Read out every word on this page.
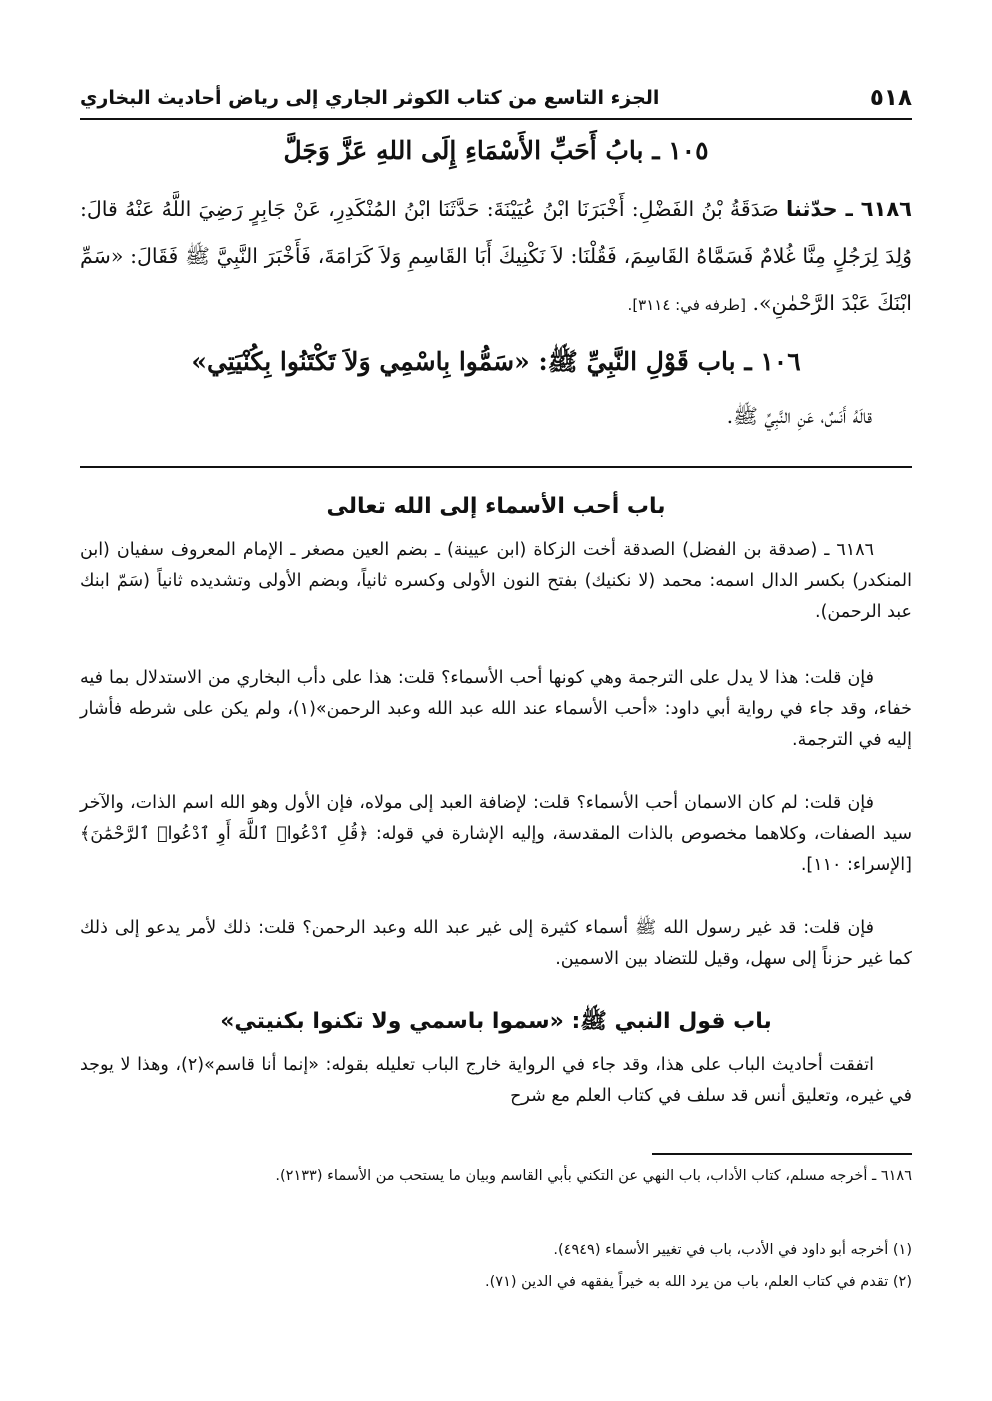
٥١٨
الجزء التاسع من كتاب الكوثر الجاري إلى رياض أحاديث البخاري
١٠٥ ـ بابُ أَحَبِّ الأَسْمَاءِ إِلَى اللهِ عَزَّ وَجَلَّ
٦١٨٦ ـ حدّثنا صَدَقَةُ بْنُ الفَضْلِ: أَخْبَرَنَا ابْنُ عُيَيْنَةَ: حَدَّثَنَا ابْنُ المُنْكَدِرِ، عَنْ جَابِرٍ رَضِيَ اللَّهُ عَنْهُ قالَ: وُلِدَ لِرَجُلٍ مِنَّا غُلامٌ فَسَمَّاهُ القَاسِمَ، فَقُلْنَا: لاَ نَكْنِيكَ أَبَا القَاسِمِ وَلاَ كَرَامَةَ، فَأَخْبَرَ النَّبِيَّ ﷺ فَقَالَ: «سَمِّ ابْنَكَ عَبْدَ الرَّحْمٰنِ». [طرفه في: ٣١١٤].
١٠٦ ـ باب قَوْلِ النَّبِيِّ ﷺ: «سَمُّوا بِاسْمِي وَلاَ تَكْتَنُوا بِكُنْيَتِي»
قالَهُ أَنَسٌ، عَنِ النَّبِيِّ ﷺ.
باب أحب الأسماء إلى الله تعالى
٦١٨٦ ـ (صدقة بن الفضل) الصدقة أخت الزكاة (ابن عيينة) ـ بضم العين مصغر ـ الإمام المعروف سفيان (ابن المنكدر) بكسر الدال اسمه: محمد (لا نكنيك) بفتح النون الأولى وكسره ثانياً، وبضم الأولى وتشديده ثانياً (سَمّ ابنك عبد الرحمن).
فإن قلت: هذا لا يدل على الترجمة وهي كونها أحب الأسماء؟ قلت: هذا على دأب البخاري من الاستدلال بما فيه خفاء، وقد جاء في رواية أبي داود: «أحب الأسماء عند الله عبد الله وعبد الرحمن»(١)، ولم يكن على شرطه فأشار إليه في الترجمة.
فإن قلت: لم كان الاسمان أحب الأسماء؟ قلت: لإضافة العبد إلى مولاه، فإن الأول وهو الله اسم الذات، والآخر سيد الصفات، وكلاهما مخصوص بالذات المقدسة، وإليه الإشارة في قوله: ﴿قُلِ ٱدْعُوا۟ ٱللَّهَ أَوِ ٱدْعُوا۟ ٱلرَّحْمَٰنَ﴾ [الإسراء: ١١٠].
فإن قلت: قد غير رسول الله ﷺ أسماء كثيرة إلى غير عبد الله وعبد الرحمن؟ قلت: ذلك لأمر يدعو إلى ذلك كما غير حزناً إلى سهل، وقيل للتضاد بين الاسمين.
باب قول النبي ﷺ: «سموا باسمي ولا تكنوا بكنيتي»
اتفقت أحاديث الباب على هذا، وقد جاء في الرواية خارج الباب تعليله بقوله: «إنما أنا قاسم»(٢)، وهذا لا يوجد في غيره، وتعليق أنس قد سلف في كتاب العلم مع شرح
٦١٨٦ ـ أخرجه مسلم، كتاب الأداب، باب النهي عن التكني بأبي القاسم وبيان ما يستحب من الأسماء (٢١٣٣).
(١) أخرجه أبو داود في الأدب، باب في تغيير الأسماء (٤٩٤٩).
(٢) تقدم في كتاب العلم، باب من يرد الله به خيراً يفقهه في الدين (٧١).
